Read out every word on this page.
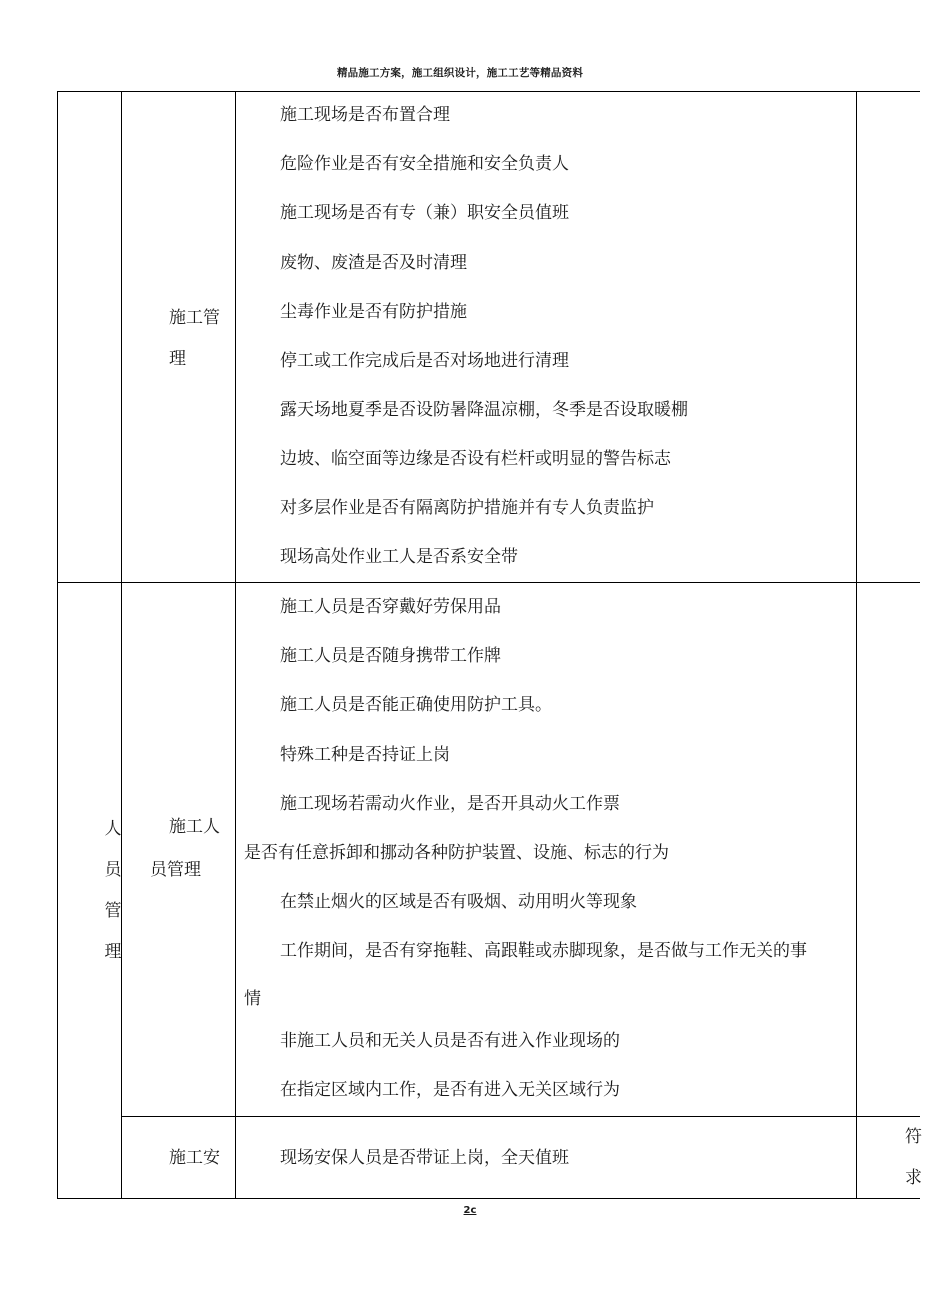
精品施工方案，施工组织设计，施工工艺等精品资料
施工管
理
施工现场是否布置合理
危险作业是否有安全措施和安全负责人
施工现场是否有专（兼）职安全员值班
废物、废渣是否及时清理
尘毒作业是否有防护措施
停工或工作完成后是否对场地进行清理
露天场地夏季是否设防暑降温凉棚，冬季是否设取暖棚
边坡、临空面等边缘是否设有栏杆或明显的警告标志
对多层作业是否有隔离防护措施并有专人负责监护
现场高处作业工人是否系安全带
人员管理
施工人
员管理
施工人员是否穿戴好劳保用品
施工人员是否随身携带工作牌
施工人员是否能正确使用防护工具。
特殊工种是否持证上岗
施工现场若需动火作业，是否开具动火工作票
是否有任意拆卸和挪动各种防护装置、设施、标志的行为
在禁止烟火的区域是否有吸烟、动用明火等现象
工作期间，是否有穿拖鞋、高跟鞋或赤脚现象，是否做与工作无关的事
情
非施工人员和无关人员是否有进入作业现场的
在指定区域内工作，是否有进入无关区域行为
施工安	现场安保人员是否带证上岗，全天值班
符
求
2c
